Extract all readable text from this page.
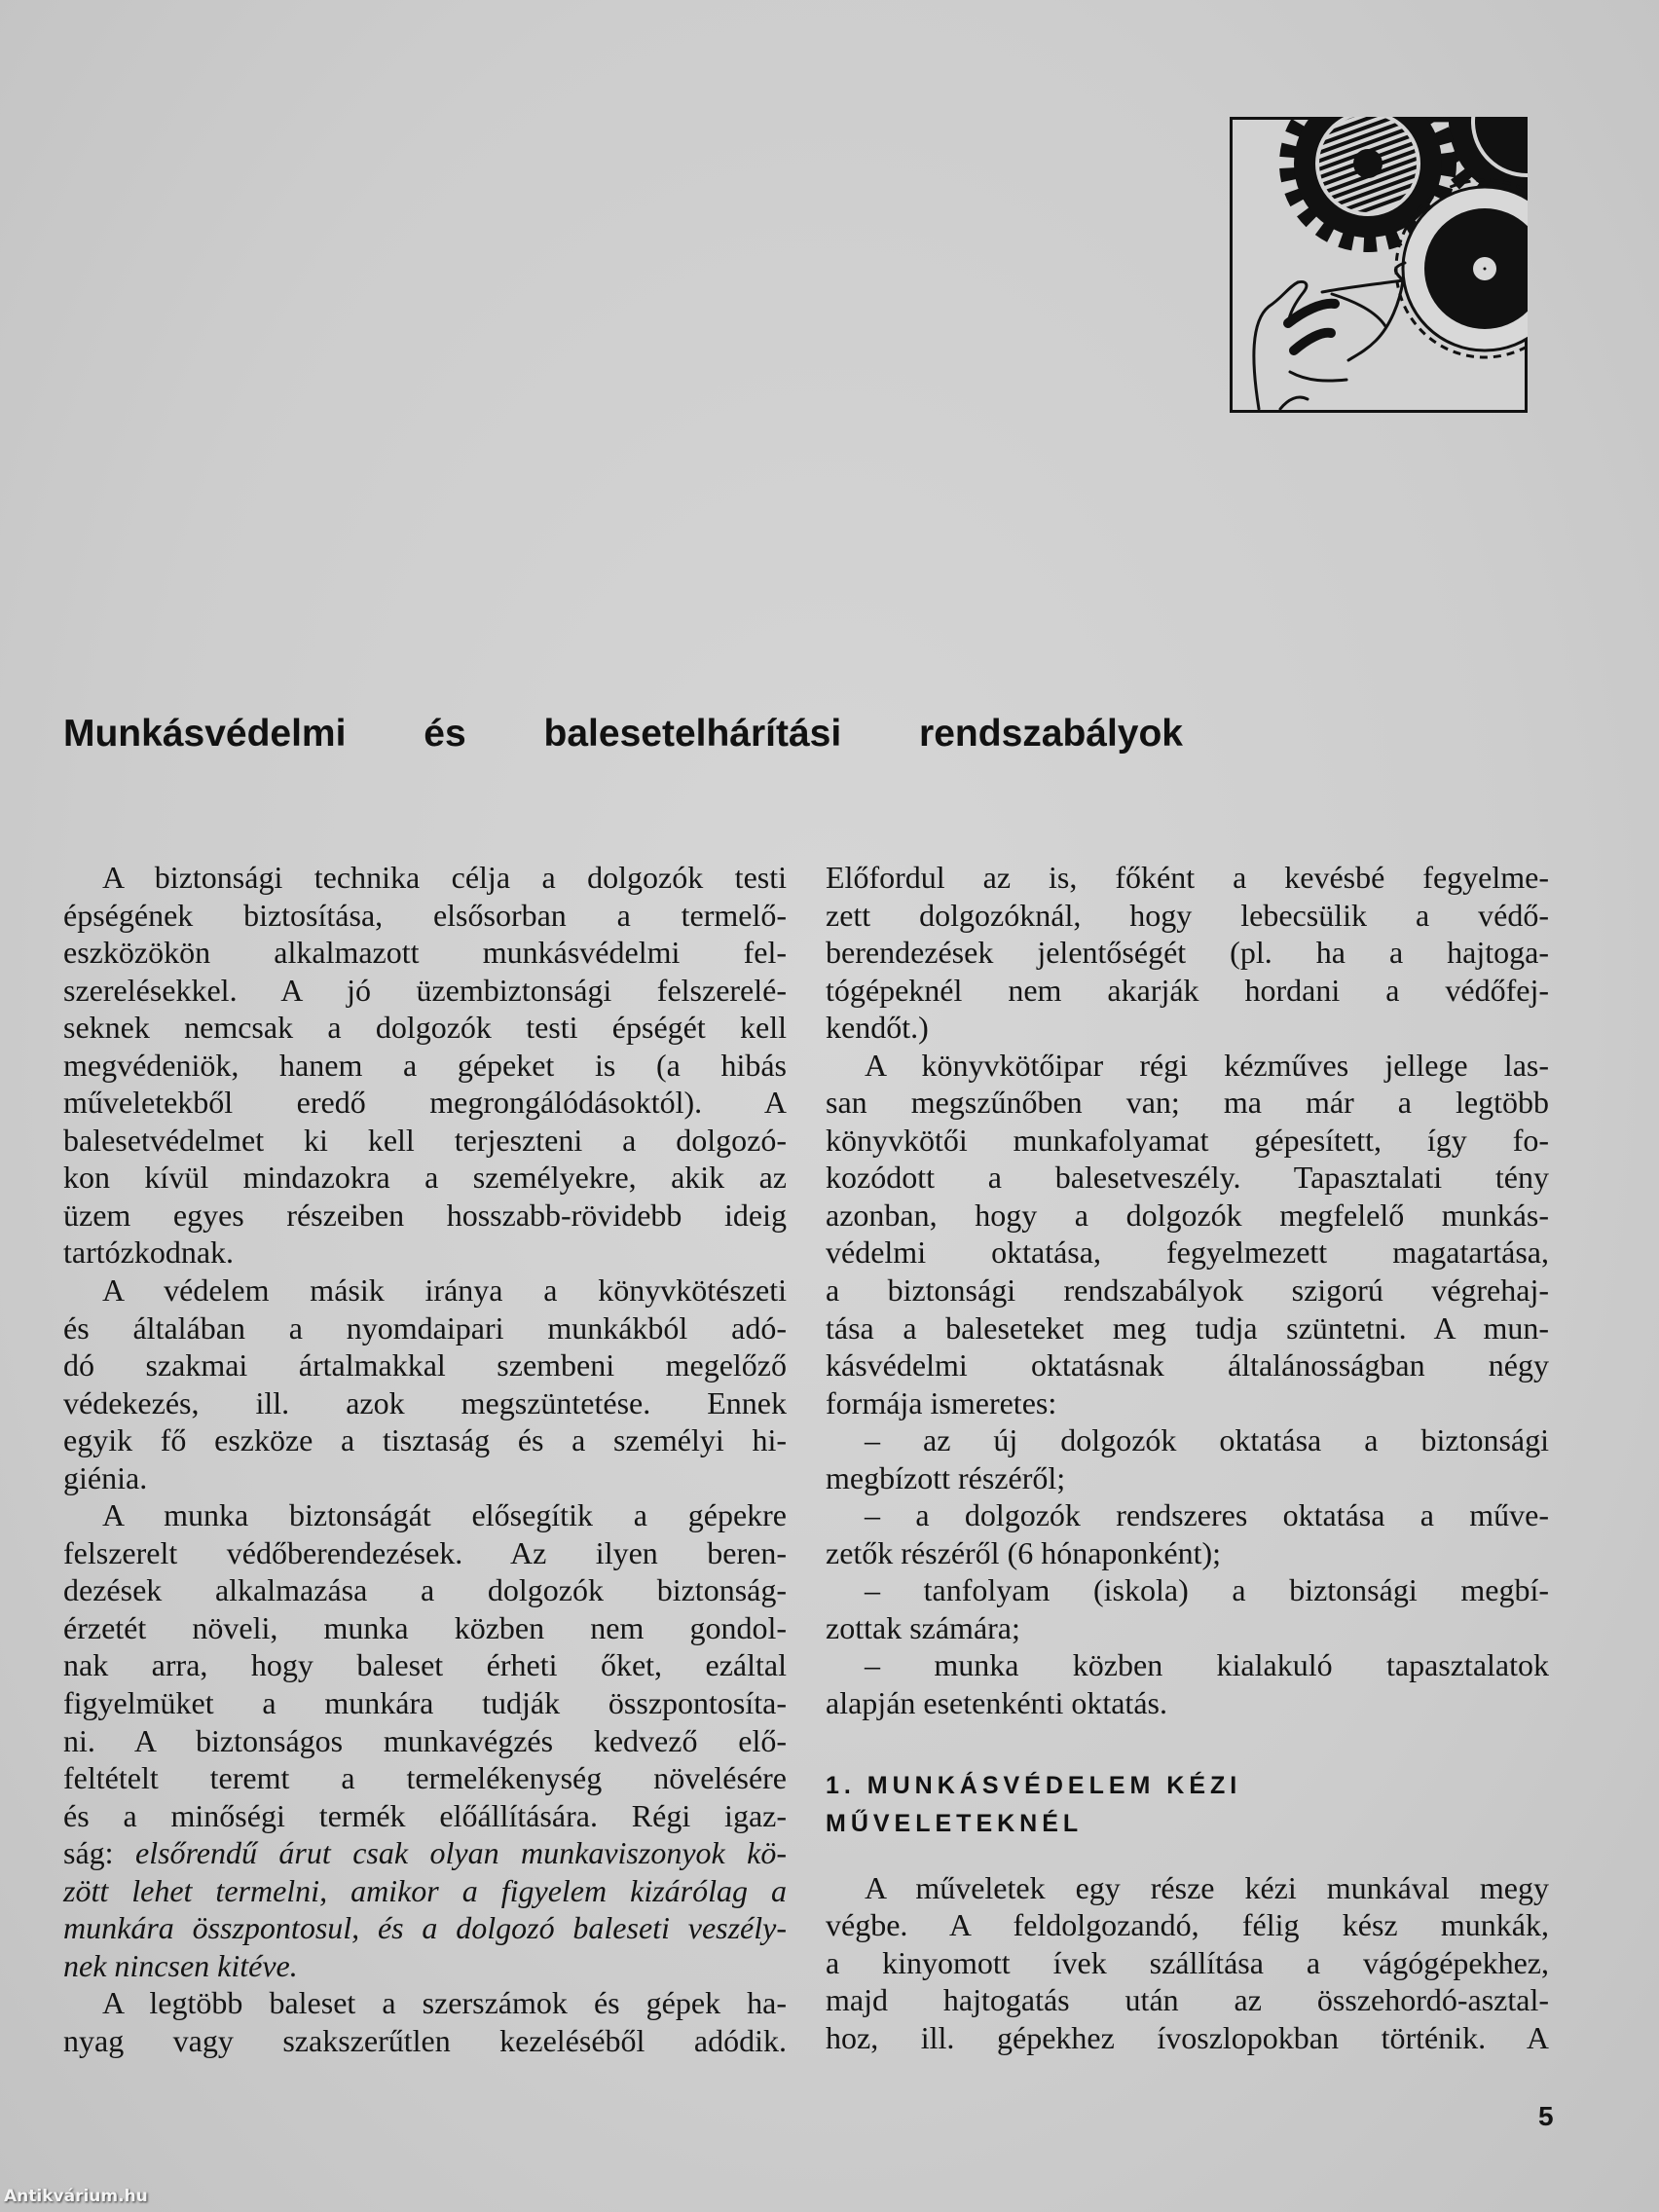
Munkásvédelmi és balesetelhárítási rendszabályok
A biztonsági technika célja a dolgozók testi
épségének biztosítása, elsősorban a termelő-
eszközökön alkalmazott munkásvédelmi fel-
szerelésekkel. A jó üzembiztonsági felszerelé-
seknek nemcsak a dolgozók testi épségét kell
megvédeniök, hanem a gépeket is (a hibás
műveletekből eredő megrongálódásoktól). A
balesetvédelmet ki kell terjeszteni a dolgozó-
kon kívül mindazokra a személyekre, akik az
üzem egyes részeiben hosszabb-rövidebb ideig
tartózkodnak.
A védelem másik iránya a könyvkötészeti
és általában a nyomdaipari munkákból adó-
dó szakmai ártalmakkal szembeni megelőző
védekezés, ill. azok megszüntetése. Ennek
egyik fő eszköze a tisztaság és a személyi hi-
giénia.
A munka biztonságát elősegítik a gépekre
felszerelt védőberendezések. Az ilyen beren-
dezések alkalmazása a dolgozók biztonság-
érzetét növeli, munka közben nem gondol-
nak arra, hogy baleset érheti őket, ezáltal
figyelmüket a munkára tudják összpontosíta-
ni. A biztonságos munkavégzés kedvező elő-
feltételt teremt a termelékenység növelésére
és a minőségi termék előállítására. Régi igaz-
ság: elsőrendű árut csak olyan munkaviszonyok kö-
zött lehet termelni, amikor a figyelem kizárólag a
munkára összpontosul, és a dolgozó baleseti veszély-
nek nincsen kitéve.
A legtöbb baleset a szerszámok és gépek ha-
nyag vagy szakszerűtlen kezeléséből adódik.
Előfordul az is, főként a kevésbé fegyelme-
zett dolgozóknál, hogy lebecsülik a védő-
berendezések jelentőségét (pl. ha a hajtoga-
tógépeknél nem akarják hordani a védőfej-
kendőt.)
A könyvkötőipar régi kézműves jellege las-
san megszűnőben van; ma már a legtöbb
könyvkötői munkafolyamat gépesített, így fo-
kozódott a balesetveszély. Tapasztalati tény
azonban, hogy a dolgozók megfelelő munkás-
védelmi oktatása, fegyelmezett magatartása,
a biztonsági rendszabályok szigorú végrehaj-
tása a baleseteket meg tudja szüntetni. A mun-
kásvédelmi oktatásnak általánosságban négy
formája ismeretes:
– az új dolgozók oktatása a biztonsági
megbízott részéről;
– a dolgozók rendszeres oktatása a műve-
zetők részéről (6 hónaponként);
– tanfolyam (iskola) a biztonsági megbí-
zottak számára;
– munka közben kialakuló tapasztalatok
alapján esetenkénti oktatás.
1. MUNKÁSVÉDELEM KÉZI
MŰVELETEKNÉL
A műveletek egy része kézi munkával megy
végbe. A feldolgozandó, félig kész munkák,
a kinyomott ívek szállítása a vágógépekhez,
majd hajtogatás után az összehordó-asztal-
hoz, ill. gépekhez ívoszlopokban történik. A
5
Antikvárium.hu
